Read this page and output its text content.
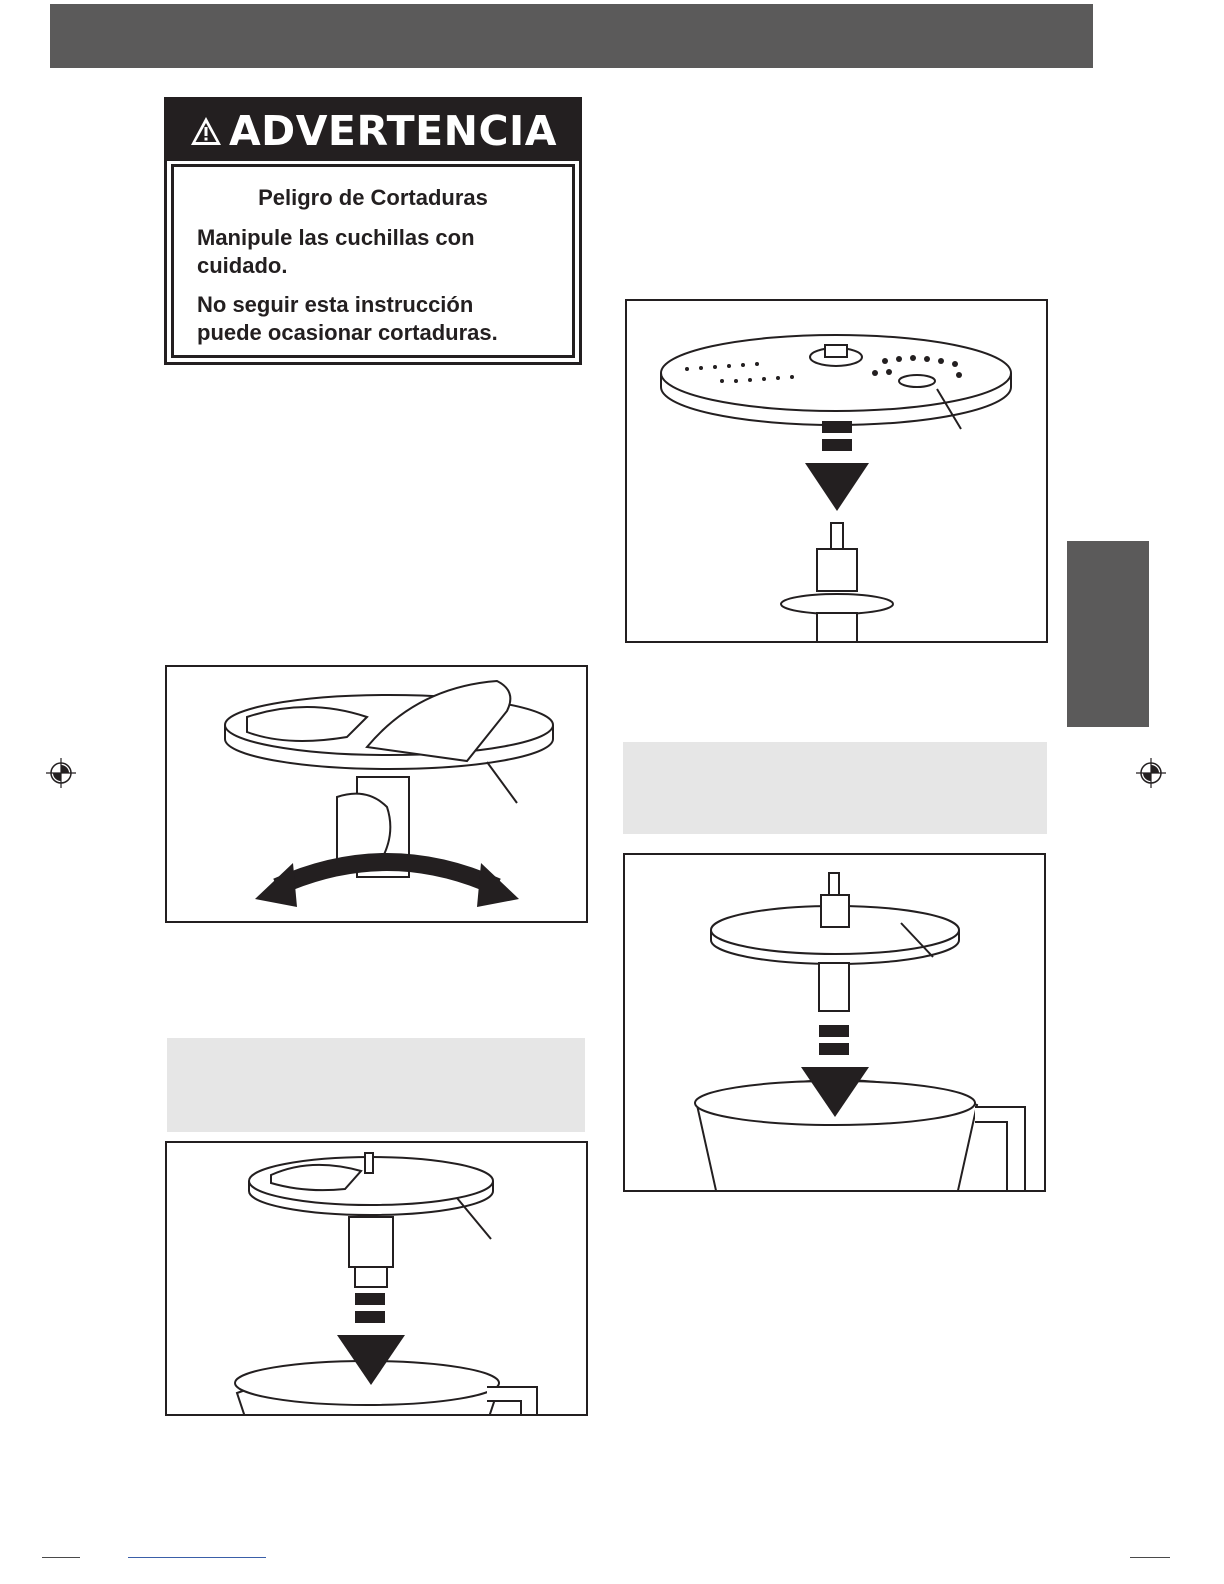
ADVERTENCIA
Peligro de Cortaduras
Manipule las cuchillas con
cuidado.
No seguir esta instrucción
puede ocasionar cortaduras.
